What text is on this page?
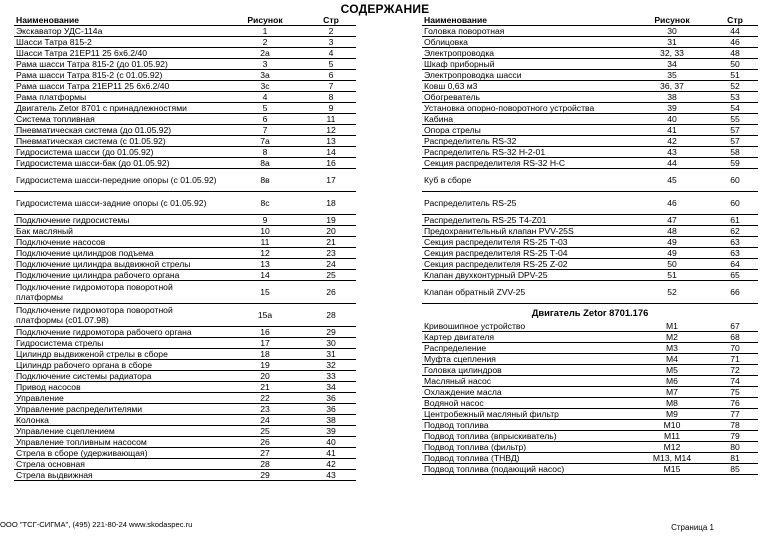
СОДЕРЖАНИЕ
Наименование	Рисунок	Стр
Экскаватор УДС-114а	1	2
Шасси Татра 815-2	2	3
Шасси Татра 21ЕР11 25 6х6.2/40	2а	4
Рама шасси Татра 815-2 (до 01.05.92)	3	5
Рама шасси Татра 815-2 (с 01.05.92)	3а	6
Рама шасси Татра 21ЕР11 25 6х6.2/40	3с	7
Рама платформы	4	8
Двигатель Zetor 8701 с принадлежностями	5	9
Система топливная	6	11
Пневматическая система (до 01.05.92)	7	12
Пневматическая система (с 01.05.92)	7а	13
Гидросистема шасси (до 01.05.92)	8	14
Гидросистема шасси-бак (до 01.05.92)	8а	16
Гидросистема шасси-передние опоры (с 01.05.92)	8в	17
Гидросистема шасси-задние опоры (с 01.05.92)	8с	18
Подключение гидросистемы	9	19
Бак масляный	10	20
Подключение насосов	11	21
Подключение цилиндров подъема	12	23
Подключение цилиндра выдвижной стрелы	13	24
Подключение цилиндра рабочего органа	14	25
Подключение гидромотора поворотной платформы	15	26
Подключение гидромотора поворотной платформы (с01.07.98)	15а	28
Подключение гидромотора рабочего органа	16	29
Гидросистема стрелы	17	30
Цилиндр выдвиженой стрелы в сборе	18	31
Цилиндр рабочего органа в сборе	19	32
Подключение системы радиатора	20	33
Привод насосов	21	34
Управление	22	36
Управление распределителями	23	36
Колонка	24	38
Управление сцеплением	25	39
Управление топливным насосом	26	40
Стрела в сборе (удерживающая)	27	41
Стрела основная	28	42
Стрела выдвижная	29	43
Наименование	Рисунок	Стр
Головка поворотная	30	44
Облицовка	31	46
Электропроводка	32, 33	48
Шкаф приборный	34	50
Электропроводка шасси	35	51
Ковш 0,63 м3	36, 37	52
Обогреватель	38	53
Установка опорно-поворотного устройства	39	54
Кабина	40	55
Опора стрелы	41	57
Распределитель RS-32	42	57
Распределитель RS-32 Н-2-01	43	58
Секция распределителя RS-32 Н-С	44	59
Куб в сборе	45	60
Распределитель RS-25	46	60
Распределитель RS-25 Т4-Z01	47	61
Предохранительный клапан PVV-25S	48	62
Секция распределителя RS-25 Т-03	49	63
Секция распределителя RS-25 Т-04	49	63
Секция распределителя RS-25 Z-02	50	64
Клапан двухконтурный DPV-25	51	65
Клапан обратный ZVV-25	52	66
Двигатель Zetor 8701.176		
Кривошипное устройство	М1	67
Картер двигателя	М2	68
Распределение	М3	70
Муфта сцепления	М4	71
Головка цилиндров	М5	72
Масляный насос	М6	74
Охлаждение масла	М7	75
Водяной насос	М8	76
Центробежный масляный фильтр	М9	77
Подвод топлива	М10	78
Подвод топлива (впрыскиватель)	М11	79
Подвод топлива (фильтр)	М12	80
Подвод топлива (ТНВД)	М13, М14	81
Подвод топлива (подающий насос)	М15	85
ООО "ТСГ-СИГМА", (495) 221-80-24 www.skodaspec.ru	Страница 1
